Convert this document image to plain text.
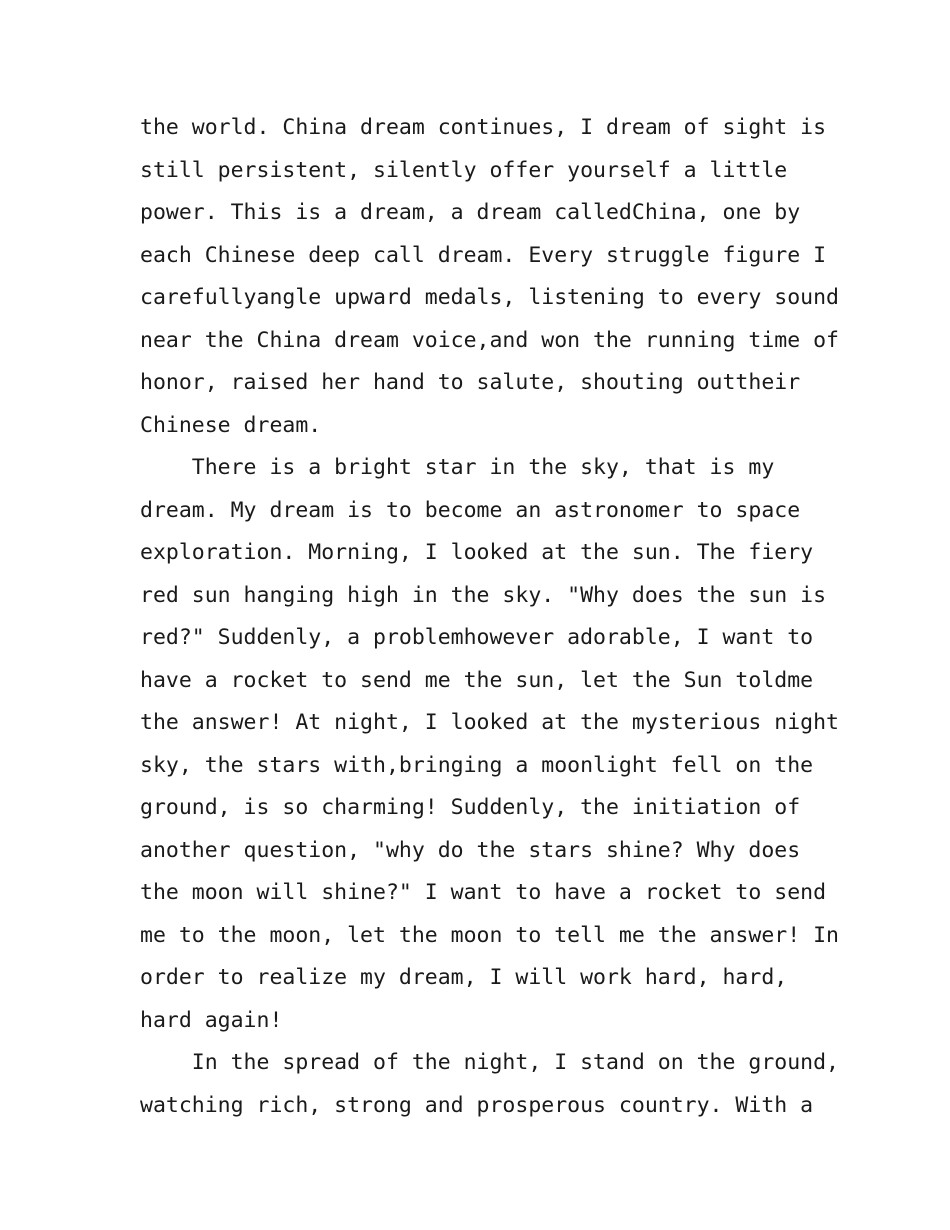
the world. China dream continues, I dream of sight is
still persistent, silently offer yourself a little
power. This is a dream, a dream calledChina, one by
each Chinese deep call dream. Every struggle figure I
carefullyangle upward medals, listening to every sound
near the China dream voice,and won the running time of
honor, raised her hand to salute, shouting outtheir
Chinese dream.
There is a bright star in the sky, that is my
dream. My dream is to become an astronomer to space
exploration. Morning, I looked at the sun. The fiery
red sun hanging high in the sky. "Why does the sun is
red?" Suddenly, a problemhowever adorable, I want to
have a rocket to send me the sun, let the Sun toldme
the answer! At night, I looked at the mysterious night
sky, the stars with,bringing a moonlight fell on the
ground, is so charming! Suddenly, the initiation of
another question, "why do the stars shine? Why does
the moon will shine?" I want to have a rocket to send
me to the moon, let the moon to tell me the answer! In
order to realize my dream, I will work hard, hard,
hard again!
In the spread of the night, I stand on the ground,
watching rich, strong and prosperous country. With a
